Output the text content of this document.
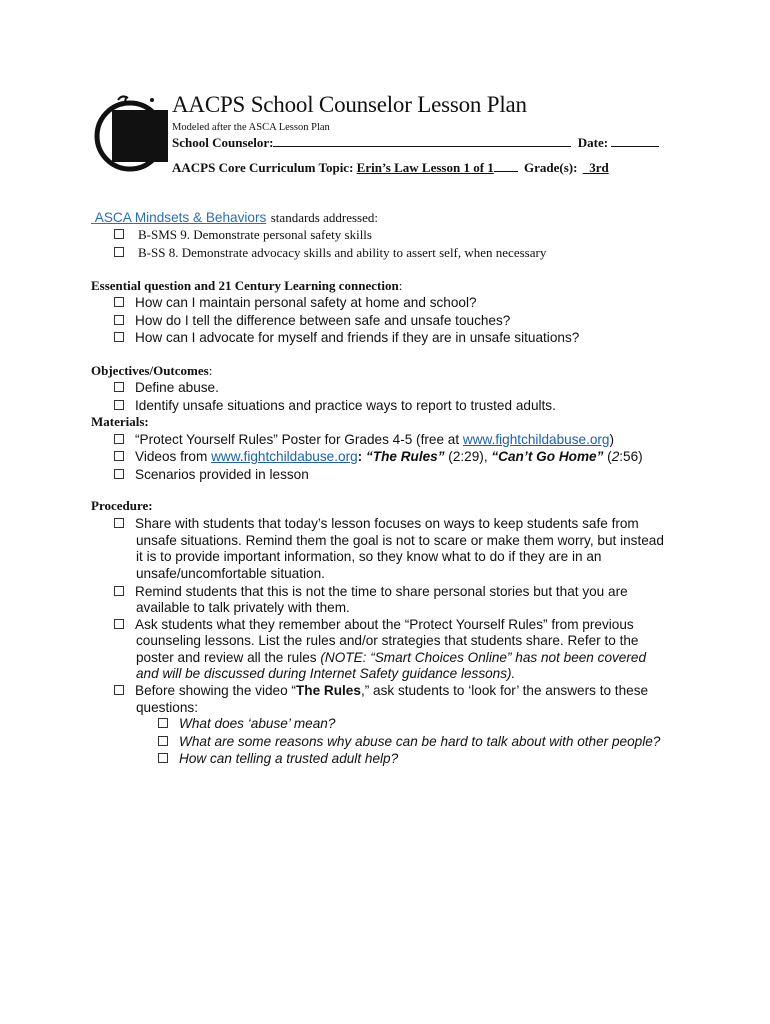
AACPS School Counselor Lesson Plan
Modeled after the ASCA Lesson Plan
School Counselor:	Date:
AACPS Core Curriculum Topic: Erin’s Law Lesson 1 of 1 Grade(s): 3rd
ASCA Mindsets & Behaviors standards addressed:
B-SMS 9. Demonstrate personal safety skills
B-SS 8. Demonstrate advocacy skills and ability to assert self, when necessary
Essential question and 21 Century Learning connection:
How can I maintain personal safety at home and school?
How do I tell the difference between safe and unsafe touches?
How can I advocate for myself and friends if they are in unsafe situations?
Objectives/Outcomes:
Define abuse.
Identify unsafe situations and practice ways to report to trusted adults.
Materials:
“Protect Yourself Rules” Poster for Grades 4-5 (free at www.fightchildabuse.org)
Videos from www.fightchildabuse.org: “The Rules” (2:29), “Can’t Go Home” (2:56)
Scenarios provided in lesson
Procedure:
Share with students that today’s lesson focuses on ways to keep students safe from
unsafe situations. Remind them the goal is not to scare or make them worry, but instead
it is to provide important information, so they know what to do if they are in an
unsafe/uncomfortable situation.
Remind students that this is not the time to share personal stories but that you are
available to talk privately with them.
Ask students what they remember about the “Protect Yourself Rules” from previous
counseling lessons. List the rules and/or strategies that students share. Refer to the
poster and review all the rules (NOTE: “Smart Choices Online” has not been covered
and will be discussed during Internet Safety guidance lessons).
Before showing the video “The Rules,” ask students to ‘look for’ the answers to these
questions:
What does ‘abuse’ mean?
What are some reasons why abuse can be hard to talk about with other people?
How can telling a trusted adult help?
